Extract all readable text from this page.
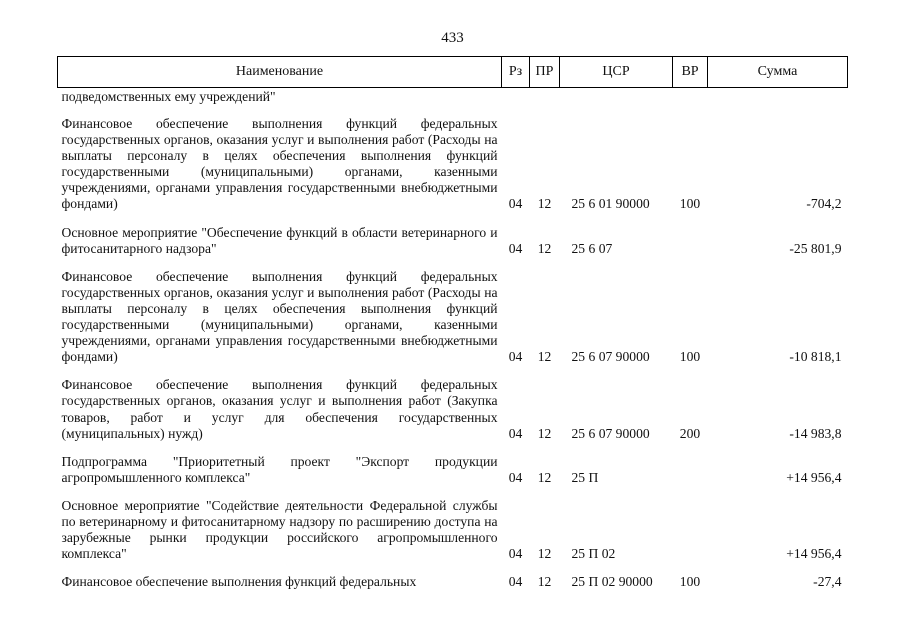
433
Наименование	Рз	ПР	ЦСР	ВР	Сумма
подведомственных ему учреждений"					

Финансовое обеспечение выполнения функций федеральных государственных органов, оказания услуг и выполнения работ (Расходы на выплаты персоналу в целях обеспечения выполнения функций государственными (муниципальными) органами, казенными учреждениями, органами управления государственными внебюджетными фондами)	04	12	25 6 01 90000	100	-704,2

Основное мероприятие "Обеспечение функций в области ветеринарного и фитосанитарного надзора"	04	12	25 6 07		-25 801,9

Финансовое обеспечение выполнения функций федеральных государственных органов, оказания услуг и выполнения работ (Расходы на выплаты персоналу в целях обеспечения выполнения функций государственными (муниципальными) органами, казенными учреждениями, органами управления государственными внебюджетными фондами)	04	12	25 6 07 90000	100	-10 818,1

Финансовое обеспечение выполнения функций федеральных государственных органов, оказания услуг и выполнения работ (Закупка товаров, работ и услуг для обеспечения государственных (муниципальных) нужд)	04	12	25 6 07 90000	200	-14 983,8

Подпрограмма "Приоритетный проект "Экспорт продукции агропромышленного комплекса"	04	12	25 П		+14 956,4

Основное мероприятие "Содействие деятельности Федеральной службы по ветеринарному и фитосанитарному надзору по расширению доступа на зарубежные рынки продукции российского агропромышленного комплекса"	04	12	25 П 02		+14 956,4

Финансовое обеспечение выполнения функций федеральных	04	12	25 П 02 90000	100	-27,4
